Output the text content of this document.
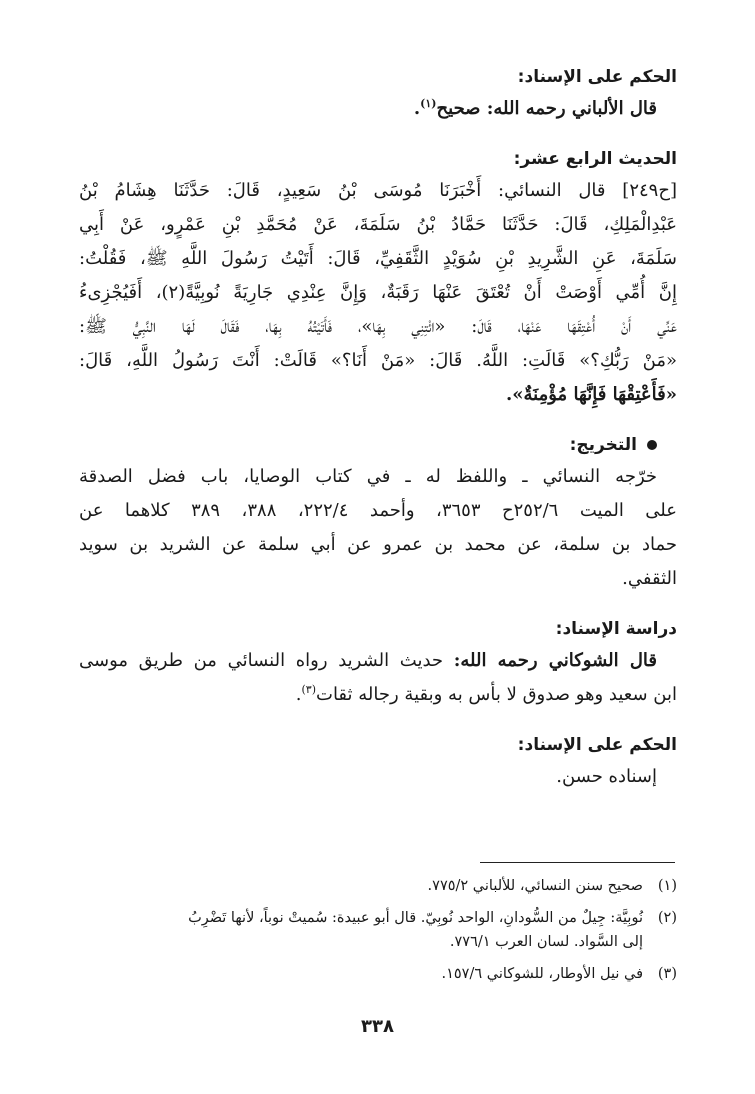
الحكم على الإسناد:

قال الألباني رحمه الله: صحيح$^{(١)}$.

الحديث الرابع عشر:

[ح٢٤٩] قال النسائي: أَخْبَرَنَا مُوسَى بْنُ سَعِيدٍ، قَالَ: حَدَّثَنَا هِشَامُ بْنُ

عَبْدِالْمَلِكِ، قَالَ: حَدَّثَنَا حَمَّادُ بْنُ سَلَمَةَ، عَنْ مُحَمَّدِ بْنِ عَمْرٍو، عَنْ أَبِي

سَلَمَةَ، عَنِ الشَّرِيدِ بْنِ سُوَيْدٍ الثَّقَفِيِّ، قَالَ: أَتَيْتُ رَسُولَ اللَّهِ ﷺ، فَقُلْتُ:

إِنَّ أُمِّي أَوْصَتْ أَنْ تُعْتَقَ عَنْهَا رَقَبَةٌ، وَإِنَّ عِنْدِي جَارِيَةً نُوبِيَّةً(٢)، أَفَيُجْزِىءُ

عَنِّي أَنْ أُعْتِقَهَا عَنْهَا، قَالَ: «ائْتِنِي بِهَا»، فَأَتَيْتُهُ بِهَا، فَقَالَ لَهَا النَّبِيُّ ﷺ:

«مَنْ رَبُّكِ؟» قَالَتِ: اللَّهُ. قَالَ: «مَنْ أَنَا؟» قَالَتْ: أَنْتَ رَسُولُ اللَّهِ، قَالَ:

«فَأَعْتِقْهَا فَإِنَّهَا مُؤْمِنَةٌ».

التخريج:

خرّجه النسائي ـ واللفظ له ـ في كتاب الوصايا، باب فضل الصدقة

على الميت ٢٥٢/٦ح ٣٦٥٣، وأحمد ٢٢٢/٤، ٣٨٨، ٣٨٩ كلاهما عن

حماد بن سلمة، عن محمد بن عمرو عن أبي سلمة عن الشريد بن سويد

الثقفي.

دراسة الإسناد:

قال الشوكاني رحمه الله: حديث الشريد رواه النسائي من طريق موسى

ابن سعيد وهو صدوق لا بأس به وبقية رجاله ثقات$^{(٣)}$.

الحكم على الإسناد:

إسناده حسن.

(١)
صحيح سنن النسائي، للألباني ٧٧٥/٢.
(٢)
نُوبِيَّة: جِيلٌ من السُّودانِ، الواحد نُوبِيّ. قال أبو عبيدة: سُميتْ نوباً، لأنها تَضْرِبُ
إلى السَّواد. لسان العرب ٧٧٦/١.
(٣)
في نيل الأوطار، للشوكاني ١٥٧/٦.
٣٣٨
